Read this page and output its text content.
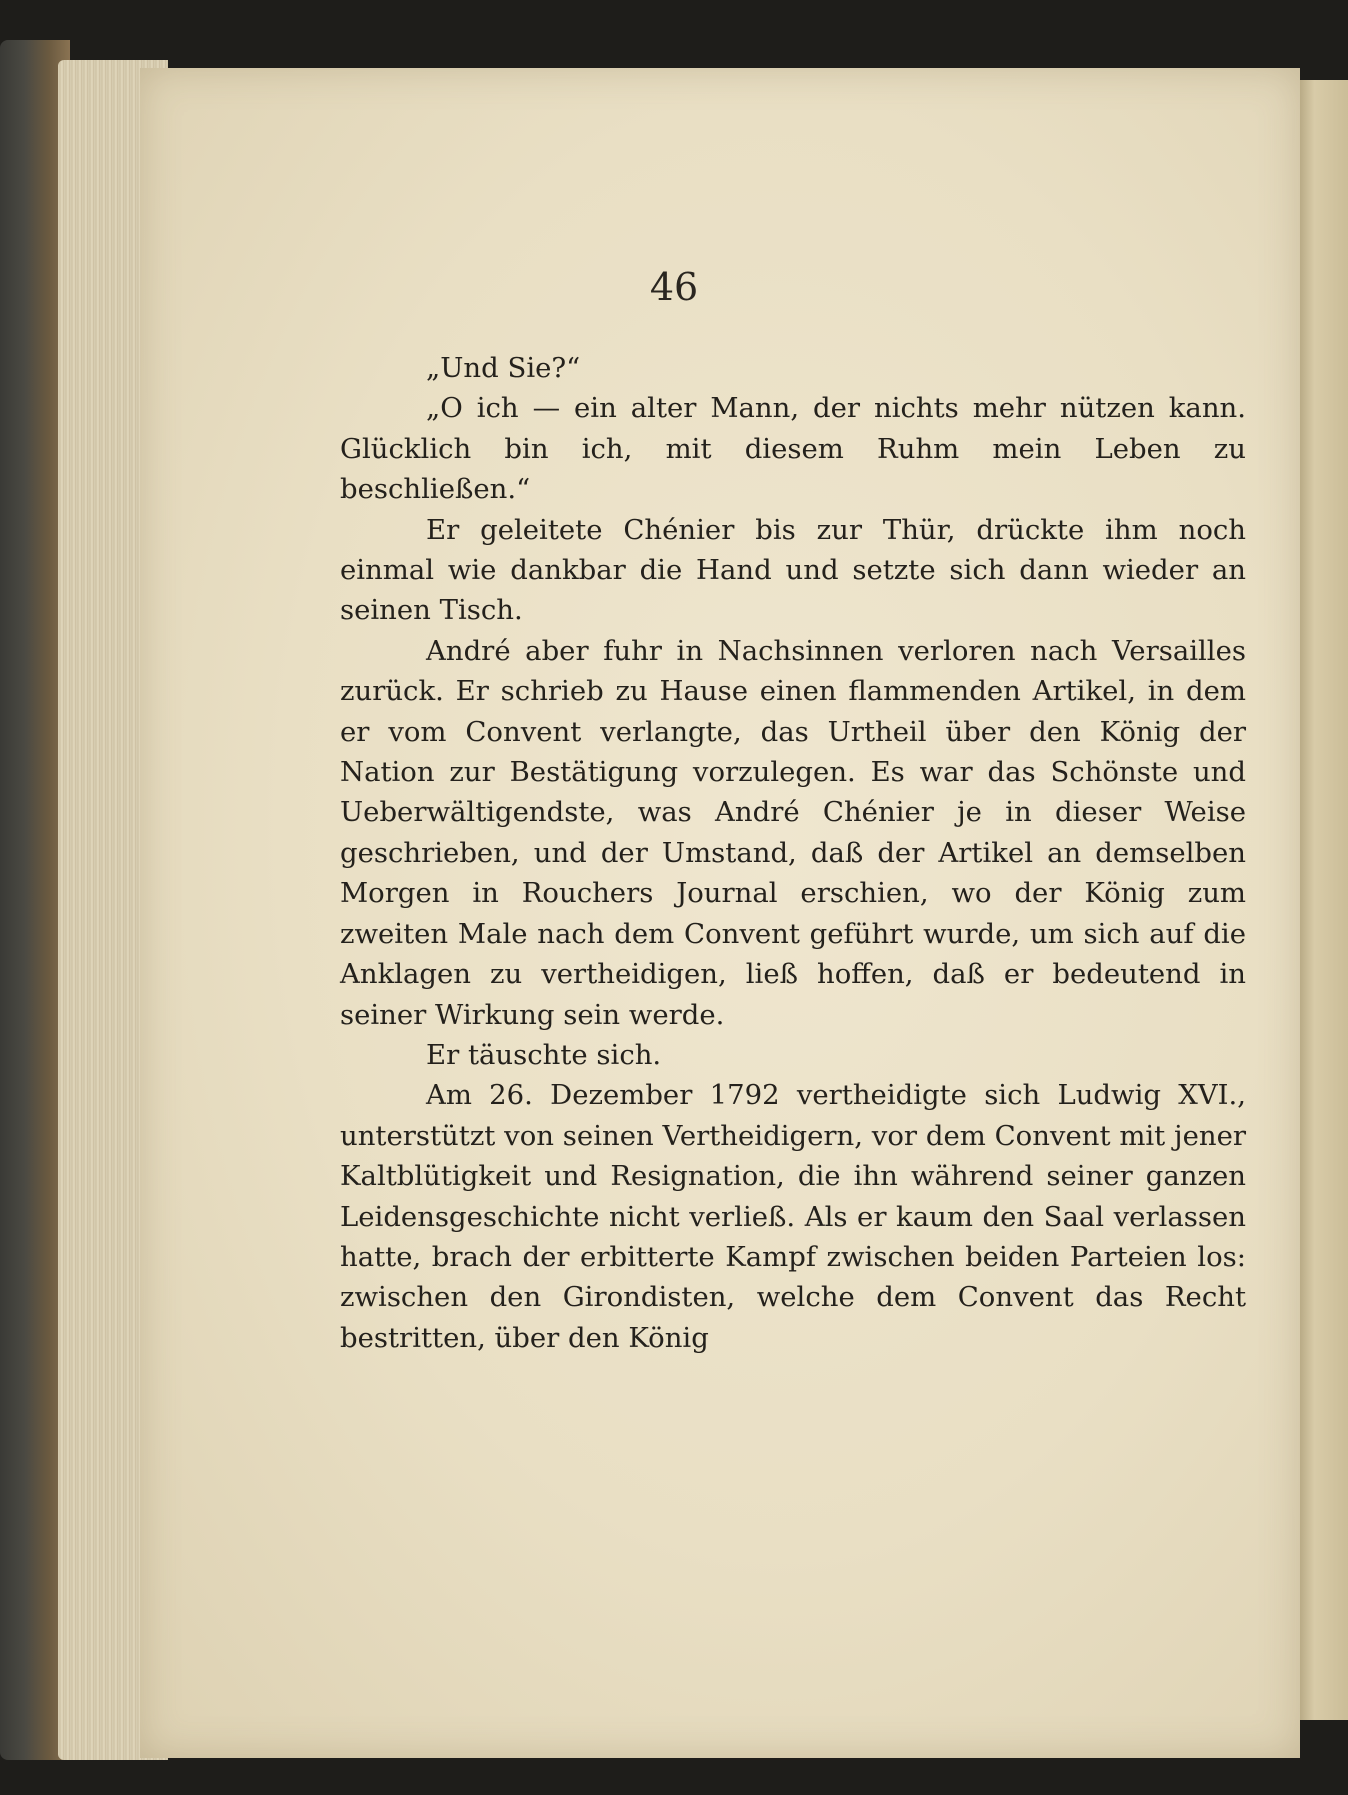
46

„Und Sie?“

„O ich — ein alter Mann, der nichts mehr nützen kann. Glücklich bin ich, mit diesem Ruhm mein Leben zu beschließen.“

Er geleitete Chénier bis zur Thür, drückte ihm noch einmal wie dankbar die Hand und setzte sich dann wieder an seinen Tisch.

André aber fuhr in Nachsinnen verloren nach Versailles zurück. Er schrieb zu Hause einen flammenden Artikel, in dem er vom Convent verlangte, das Urtheil über den König der Nation zur Bestätigung vorzulegen. Es war das Schönste und Ueberwältigendste, was André Chénier je in dieser Weise geschrieben, und der Umstand, daß der Artikel an demselben Morgen in Rouchers Journal erschien, wo der König zum zweiten Male nach dem Convent geführt wurde, um sich auf die Anklagen zu vertheidigen, ließ hoffen, daß er bedeutend in seiner Wirkung sein werde.

Er täuschte sich.

Am 26. Dezember 1792 vertheidigte sich Ludwig XVI., unterstützt von seinen Vertheidigern, vor dem Convent mit jener Kaltblütigkeit und Resignation, die ihn während seiner ganzen Leidensgeschichte nicht verließ. Als er kaum den Saal verlassen hatte, brach der erbitterte Kampf zwischen beiden Parteien los: zwischen den Girondisten, welche dem Convent das Recht bestritten, über den König
